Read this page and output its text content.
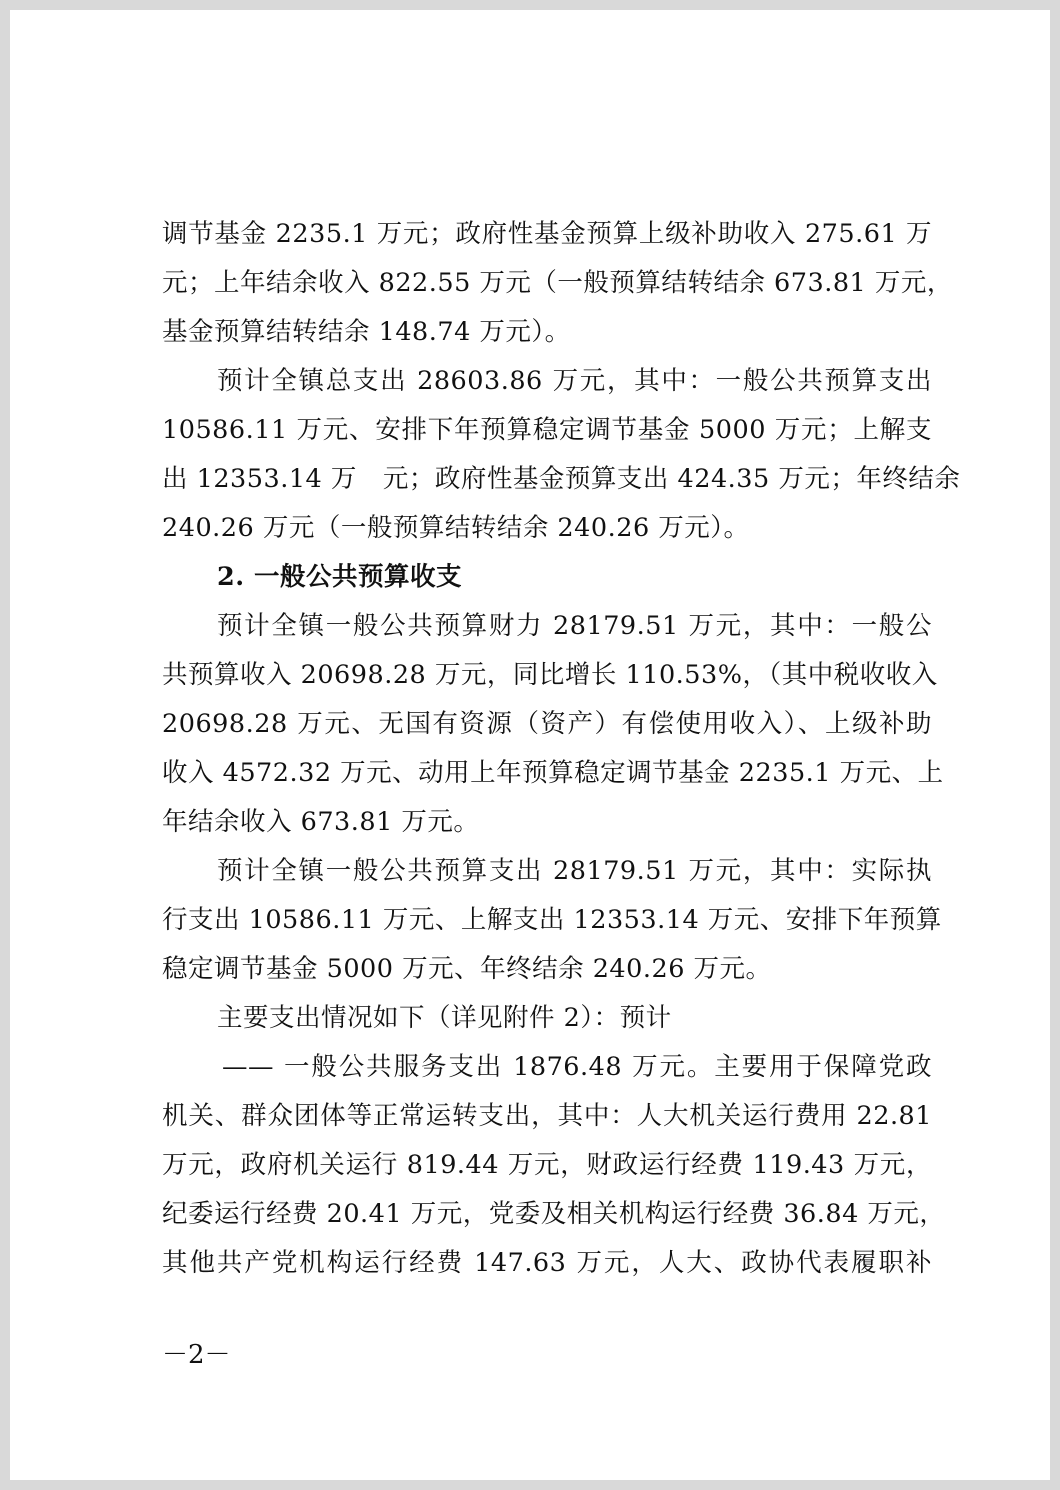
调节基金 2235.1 万元；政府性基金预算上级补助收入 275.61 万
元；上年结余收入 822.55 万元（一般预算结转结余 673.81 万元，
基金预算结转结余 148.74 万元）。
预计全镇总支出 28603.86 万元，其中：一般公共预算支出
10586.11 万元、安排下年预算稳定调节基金 5000 万元；上解支
出 12353.14 万　元；政府性基金预算支出 424.35 万元；年终结余
240.26 万元（一般预算结转结余 240.26 万元）。
2. 一般公共预算收支
预计全镇一般公共预算财力 28179.51 万元，其中：一般公
共预算收入 20698.28 万元，同比增长 110.53%，（其中税收收入
20698.28 万元、无国有资源（资产）有偿使用收入）、上级补助
收入 4572.32 万元、动用上年预算稳定调节基金 2235.1 万元、上
年结余收入 673.81 万元。
预计全镇一般公共预算支出 28179.51 万元，其中：实际执
行支出 10586.11 万元、上解支出 12353.14 万元、安排下年预算
稳定调节基金 5000 万元、年终结余 240.26 万元。
主要支出情况如下（详见附件 2）：预计
—— 一般公共服务支出 1876.48 万元。主要用于保障党政
机关、群众团体等正常运转支出，其中：人大机关运行费用 22.81
万元，政府机关运行 819.44 万元，财政运行经费 119.43 万元，
纪委运行经费 20.41 万元，党委及相关机构运行经费 36.84 万元，
其他共产党机构运行经费 147.63 万元，人大、政协代表履职补
－2－
